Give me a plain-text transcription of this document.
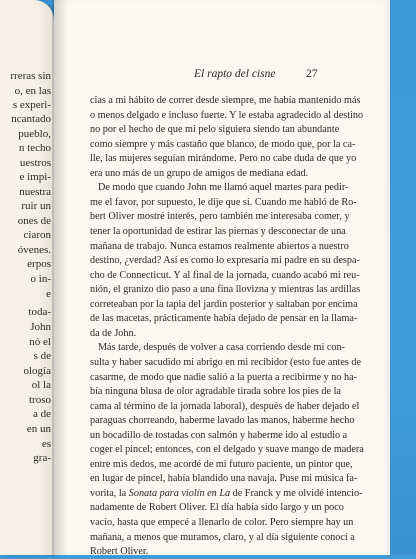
rreras sin
o, en las
s experi-
ncantado
pueblo,
n techo
uestros
e impi-
nuestra
ruir un
ones de
ciaron
óvenes.
erpos
o in-
e
toda-
John
nó el
s de
ología
ol la
troso
a de
en un
es
gra-
El rapto del cisne	27
cias a mi hábito de correr desde siempre, me había mantenido más
o menos delgado e incluso fuerte. Y le estaba agradecido al destino
no por el hecho de que mi pelo siguiera siendo tan abundante
como siempre y más castaño que blanco, de modo que, por la ca-
lle, las mujeres seguían mirándome. Pero no cabe duda de que yo
era uno más de un grupo de amigos de mediana edad.
De modo que cuando John me llamó aquel martes para pedir-
me el favor, por supuesto, le dije que sí. Cuando me habló de Ro-
bert Oliver mostré interés, pero también me interesaba comer, y
tener la oportunidad de estirar las piernas y desconectar de una
mañana de trabajo. Nunca estamos realmente abiertos a nuestro
destino, ¿verdad? Así es como lo expresaría mi padre en su despa-
cho de Connecticut. Y al final de la jornada, cuando acabó mi reu-
nión, el granizo dio paso a una fina llovizna y mientras las ardillas
correteaban por la tapia del jardín posterior y saltaban por encima
de las macetas, prácticamente había dejado de pensar en la llama-
da de John.
Más tarde, después de volver a casa corriendo desde mi con-
sulta y haber sacudido mi abrigo en mi recibidor (esto fue antes de
casarme, de modo que nadie salió a la puerta a recibirme y no ha-
bía ninguna blusa de olor agradable tirada sobre los pies de la
cama al término de la jornada laboral), después de haber dejado el
paraguas chorreando, haberme lavado las manos, haberme hecho
un bocadillo de tostadas con salmón y haberme ido al estudio a
coger el pincel; entonces, con el delgado y suave mango de madera
entre mis dedos, me acordé de mi futuro paciente, un pintor que,
en lugar de pincel, había blandido una navaja. Puse mi música fa-
vorita, la Sonata para violín en La de Franck y me olvidé intencio-
nadamente de Robert Oliver. El día había sido largo y un poco
vacío, hasta que empecé a llenarlo de color. Pero siempre hay un
mañana, a menos que muramos, claro, y al día siguiente conocí a
Robert Oliver.
